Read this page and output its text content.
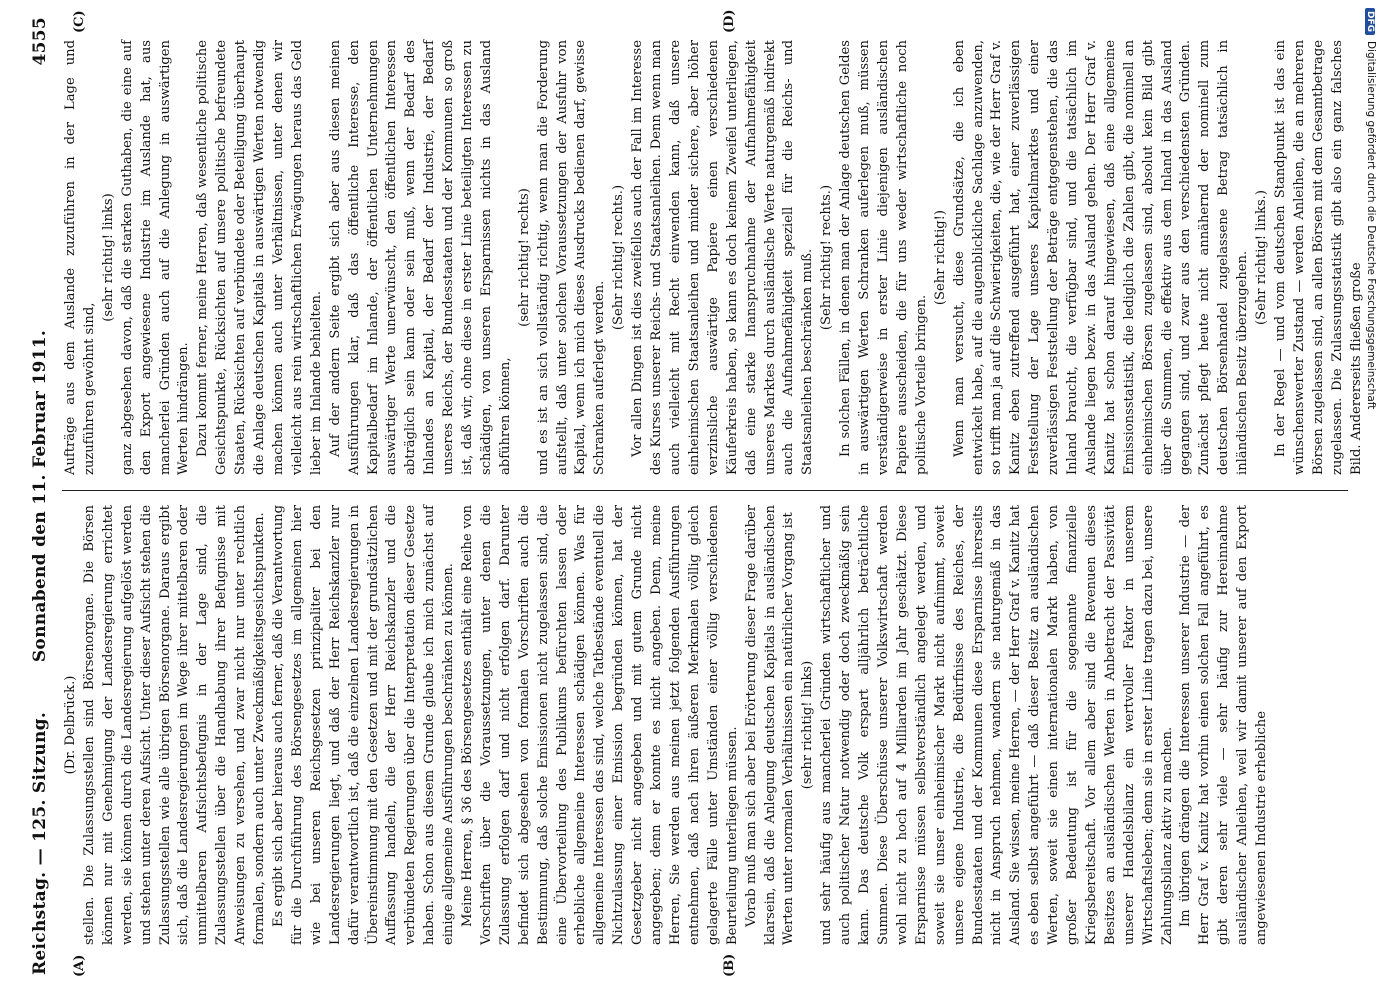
Reichstag. — 125. Sitzung.
Sonnabend den 11. Februar 1911.
4555
(A)	(B)
(C)	(D)
(Dr. Delbrück.) stellen. Die Zulassungsstellen sind Börsenorgane. Die Börsen können nur mit Genehmigung der Landesregierung errichtet werden, sie können durch die Landesregierung aufgelöst werden und stehen unter deren Aufsicht. Unter dieser Aufsicht stehen die Zulassungsstellen wie alle übrigen Börsenorgane. Daraus ergibt sich, daß die Landesregierungen im Wege ihrer mittelbaren oder unmittelbaren Aufsichtsbefugnis in der Lage sind, die Zulassungsstellen über die Handhabung ihrer Befugnisse mit Anweisungen zu versehen, und zwar nicht nur unter rechtlich formalen, sondern auch unter Zweckmäßigkeitsgesichtspunkten. Es ergibt sich aber hieraus auch ferner, daß die Verantwortung für die Durchführung des Börsengesetzes im allgemeinen hier wie bei unseren Reichsgesetzen prinzipaliter bei den Landesregierungen liegt, und daß der Herr Reichskanzler nur dafür verantwortlich ist, daß die einzelnen Landesregierungen in Übereinstimmung mit den Gesetzen und mit der grundsätzlichen Auffassung handeln, die der Herr Reichskanzler und die verbündeten Regierungen über die Interpretation dieser Gesetze haben. Schon aus diesem Grunde glaube ich mich zunächst auf einige allgemeine Ausführungen beschränken zu können. Meine Herren, § 36 des Börsengesetzes enthält eine Reihe von Vorschriften über die Voraussetzungen, unter denen die Zulassung erfolgen darf und nicht erfolgen darf. Darunter befindet sich abgesehen von formalen Vorschriften auch die Bestimmung, daß solche Emissionen nicht zugelassen sind, die eine Übervorteilung des Publikums befürchten lassen oder erhebliche allgemeine Interessen schädigen können. Was für allgemeine Interessen das sind, welche Tatbestände eventuell die Nichtzulassung einer Emission begründen können, hat der Gesetzgeber nicht angegeben und mit gutem Grunde nicht angegeben; denn er konnte es nicht angeben. Denn, meine Herren, Sie werden aus meinen jetzt folgenden Ausführungen entnehmen, daß nach ihren äußeren Merkmalen völlig gleich gelagerte Fälle unter Umständen einer völlig verschiedenen Beurteilung unterliegen müssen. Vorab muß man sich aber bei Erörterung dieser Frage darüber klarsein, daß die Anlegung deutschen Kapitals in ausländischen Werten unter normalen Verhältnissen ein natürlicher Vorgang ist (sehr richtig! links) und sehr häufig aus mancherlei Gründen wirtschaftlicher und auch politischer Natur notwendig oder doch zweckmäßig sein kann. Das deutsche Volk erspart alljährlich beträchtliche Summen. Diese Überschüsse unserer Volkswirtschaft werden wohl nicht zu hoch auf 4 Milliarden im Jahr geschätzt. Diese Ersparnisse müssen selbstverständlich angelegt werden, und soweit sie unser einheimischer Markt nicht aufnimmt, soweit unsere eigene Industrie, die Bedürfnisse des Reiches, der Bundesstaaten und der Kommunen diese Ersparnisse ihrerseits nicht in Anspruch nehmen, wandern sie naturgemäß in das Ausland. Sie wissen, meine Herren, — der Herr Graf v. Kanitz hat es eben selbst angeführt — daß dieser Besitz an ausländischen Werten, soweit sie einen internationalen Markt haben, von großer Bedeutung ist für die sogenannte finanzielle Kriegsbereitschaft. Vor allem aber sind die Revenuen dieses Besitzes an ausländischen Werten in Anbetracht der Passivität unserer Handelsbilanz ein wertvoller Faktor in unserem Wirtschaftsleben; denn sie in erster Linie tragen dazu bei, unsere Zahlungsbilanz aktiv zu machen. Im übrigen drängen die Interessen unserer Industrie — der Herr Graf v. Kanitz hat vorhin einen solchen Fall angeführt, es gibt deren sehr viele — sehr häufig zur Hereinnahme ausländischer Anleihen, weil wir damit unserer auf den Export angewiesenen Industrie erhebliche

Aufträge aus dem Auslande zuzuführen in der Lage und zuzuführen gewöhnt sind,

(sehr richtig! links) ganz abgesehen davon, daß die starken Guthaben, die eine auf den Export angewiesene Industrie im Auslande hat, aus mancherlei Gründen auch auf die Anlegung in auswärtigen Werten hindrängen. Dazu kommt ferner, meine Herren, daß wesentliche politische Gesichtspunkte, Rücksichten auf unsere politische befreundete Staaten, Rücksichten auf verbündete oder Beteiligung überhaupt die Anlage deutschen Kapitals in auswärtigen Werten notwendig machen können auch unter Verhältnissen, unter denen wir vielleicht aus rein wirtschaftlichen Erwägungen heraus das Geld lieber im Inlande behielten. Auf der andern Seite ergibt sich aber aus diesen meinen Ausführungen klar, daß das öffentliche Interesse, den Kapitalbedarf im Inlande, der öffentlichen Unternehmungen auswärtiger Werte unerwünscht, den öffentlichen Interessen abträglich sein kann oder sein muß, wenn der Bedarf des Inlandes an Kapital, der Bedarf der Industrie, der Bedarf unseres Reichs, der Bundesstaaten und der Kommunen so groß ist, daß wir, ohne diese in erster Linie beteiligten Interessen zu schädigen, von unseren Ersparnissen nichts in das Ausland abführen können,

(sehr richtig! rechts) und es ist an sich vollständig richtig, wenn man die Forderung aufstellt, daß unter solchen Voraussetzungen der Ausfuhr von Kapital, wenn ich mich dieses Ausdrucks bedienen darf, gewisse Schranken auferlegt werden.

(Sehr richtig! rechts.) Vor allen Dingen ist dies zweifellos auch der Fall im Interesse des Kurses unserer Reichs- und Staatsanleihen. Denn wenn man auch vielleicht mit Recht einwenden kann, daß unsere einheimischen Staatsanleihen und minder sichere, aber höher verzinsliche auswärtige Papiere einen verschiedenen Käuferkreis haben, so kann es doch keinem Zweifel unterliegen, daß eine starke Inanspruchnahme der Aufnahmefähigkeit unseres Marktes durch ausländische Werte naturgemäß indirekt auch die Aufnahmefähigkeit speziell für die Reichs- und Staatsanleihen beschränken muß. (Sehr richtig! rechts.) In solchen Fällen, in denen man der Anlage deutschen Geldes in auswärtigen Werten Schranken auferlegen muß, müssen verständigerweise in erster Linie diejenigen ausländischen Papiere ausscheiden, die für uns weder wirtschaftliche noch politische Vorteile bringen.

(Sehr richtig!) Wenn man versucht, diese Grundsätze, die ich eben entwickelt habe, auf die augenblickliche Sachlage anzuwenden, so trifft man ja auf die Schwierigkeiten, die, wie der Herr Graf v. Kanitz eben zutreffend ausgeführt hat, einer zuverlässigen Feststellung der Lage unseres Kapitalmarktes und einer zuverlässigen Feststellung der Beträge entgegenstehen, die das Inland braucht, die verfügbar sind, und die tatsächlich im Auslande liegen bezw. in das Ausland gehen. Der Herr Graf v. Kanitz hat schon darauf hingewiesen, daß eine allgemeine Emissionsstatistik, die lediglich die Zahlen gibt, die nominell an einheimischen Börsen zugelassen sind, absolut kein Bild gibt über die Summen, die effektiv aus dem Inland in das Ausland gegangen sind, und zwar aus den verschiedensten Gründen. Zunächst pflegt heute nicht annähernd der nominell zum deutschen Börsenhandel zugelassene Betrag tatsächlich in inländischen Besitz überzugehen. (Sehr richtig! links.) In der Regel — und vom deutschen Standpunkt ist das ein wünschenswerter Zustand — werden Anleihen, die an mehreren Börsen zugelassen sind, an allen Börsen mit dem Gesamtbetrage zugelassen. Die Zulassungsstatistik gibt also ein ganz falsches Bild. Andererseits fließen große

DFGDigitalisierung gefördert durch die Deutsche Forschungsgemeinschaft
